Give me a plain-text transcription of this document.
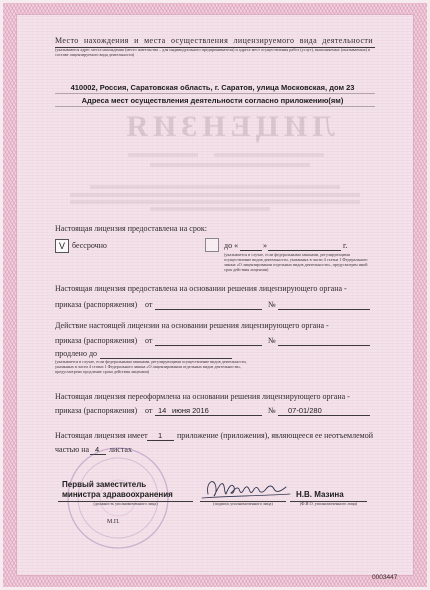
Место нахождения и места осуществления лицензируемого вида деятельности
(указываются адрес места нахождения (место жительства – для индивидуального предпринимателя) и адреса мест осуществления работ (услуг), выполняемых (оказываемых) в составе лицензируемого вида деятельности)
410002, Россия, Саратовская область, г. Саратов, улица Московская, дом 23
Адреса мест осуществления деятельности согласно приложению(ям)
ЛИЦЕНЗИЯ
Настоящая лицензия предоставлена на срок:
V бессрочно	до «	»	г.
(указывается в случае, если федеральными законами, регулирующими осуществление видов деятельности, указанных в части 4 статьи 1 Федерального закона «О лицензировании отдельных видов деятельности», предусмотрен иной срок действия лицензии)
Настоящая лицензия предоставлена на основании решения лицензирующего органа -
приказа (распоряжения) от	№
Действие настоящей лицензии на основании решения лицензирующего органа -
приказа (распоряжения) от	№
продлено до
(указывается в случае, если федеральными законами, регулирующими осуществление видов деятельности, указанных в части 4 статьи 1 Федерального закона «О лицензировании отдельных видов деятельности», предусмотрено продление срока действия лицензии)
Настоящая лицензия переоформлена на основании решения лицензирующего органа -
приказа (распоряжения) от 14 июня 2016	№ 07-01/280
Настоящая лицензия имеет 1 приложение (приложения), являющееся ее неотъемлемой
частью на 4 листах
Первый заместитель
министра здравоохранения
(должность уполномоченного лица)	(подпись уполномоченного лица)
Н.В. Мазина
(Ф.И.О. уполномоченного лица)
М.П.
0003447
